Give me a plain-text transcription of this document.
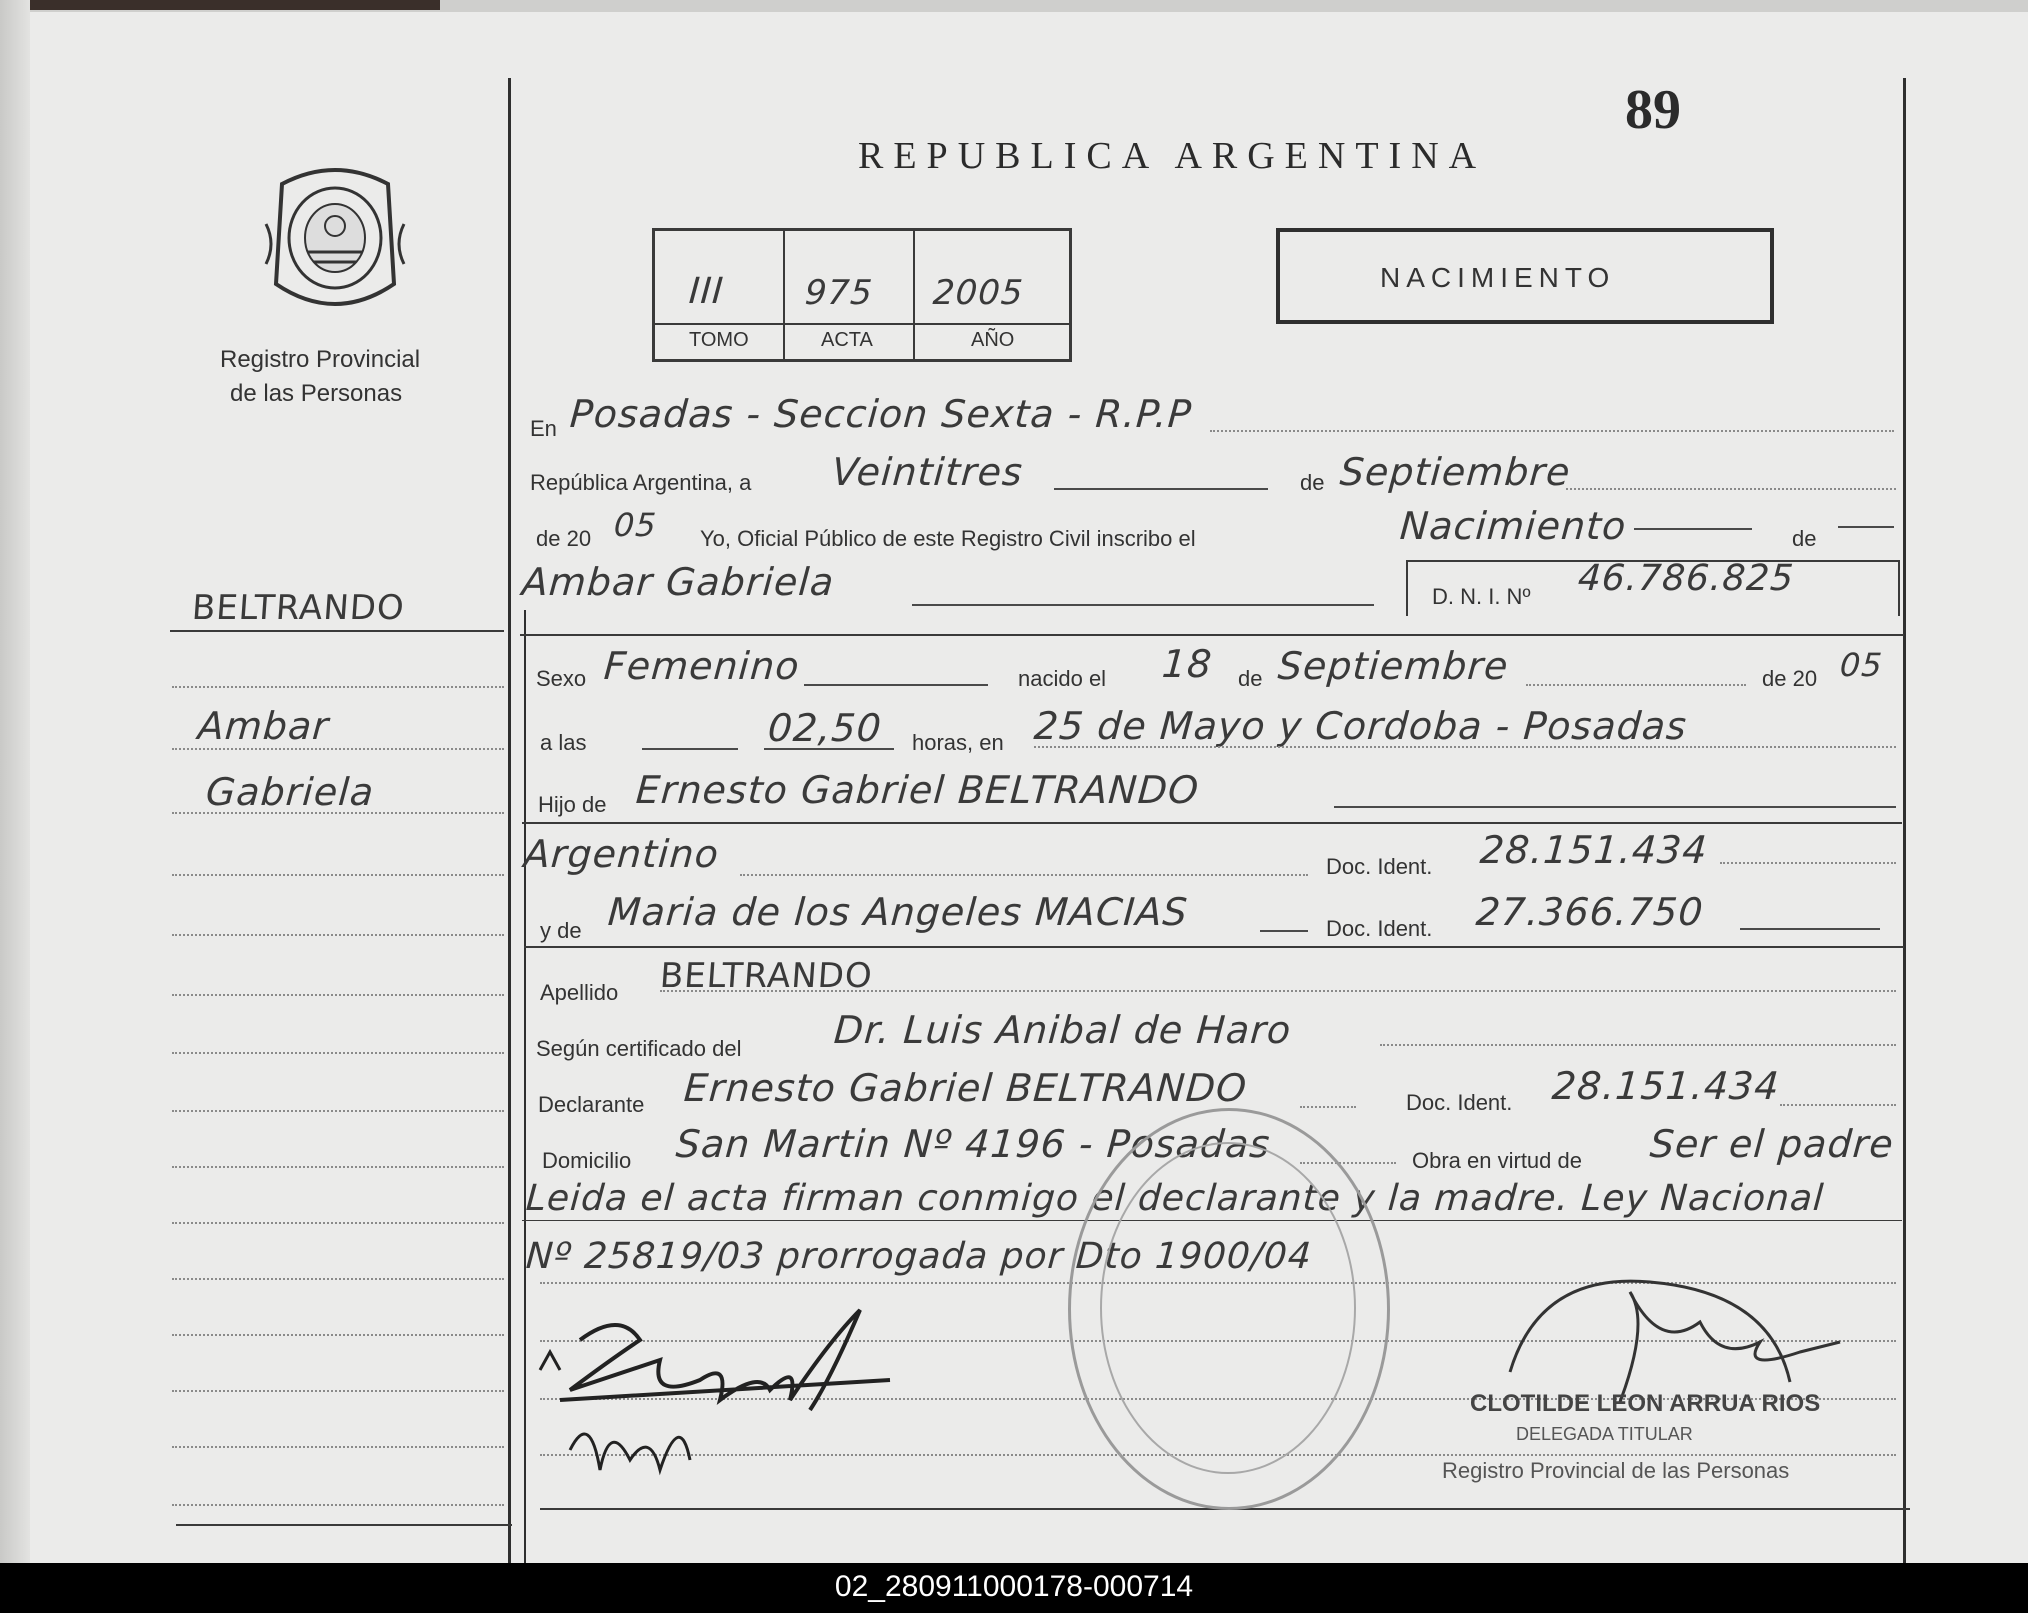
Registro Provincial
de las Personas
REPUBLICA ARGENTINA
89
III 975 2005
TOMO	ACTA	AÑO
NACIMIENTO
BELTRANDO
Ambar
Gabriela
En Posadas - Seccion Sexta - R.P.P
República Argentina, a Veintitres	de Septiembre
de 20 05 Yo, Oficial Público de este Registro Civil inscribo el	Nacimiento	de
Ambar Gabriela	D. N. I. Nº 46.786.825
Sexo Femenino	nacido el 18 de Septiembre	de 20 05
a las	02,50 horas, en 25 de Mayo y Cordoba - Posadas
Hijo de Ernesto Gabriel BELTRANDO
Argentino	Doc. Ident. 28.151.434
y de Maria de los Angeles MACIAS	Doc. Ident. 27.366.750
Apellido BELTRANDO
Según certificado del Dr. Luis Anibal de Haro
Declarante Ernesto Gabriel BELTRANDO	Doc. Ident. 28.151.434
Domicilio San Martin Nº 4196 - Posadas	Obra en virtud de Ser el padre
Leida el acta firman conmigo el declarante y la madre. Ley Nacional
Nº 25819/03 prorrogada por Dto 1900/04
CLOTILDE LEON ARRUA RIOS
DELEGADA TITULAR
Registro Provincial de las Personas
02_280911000178-000714
